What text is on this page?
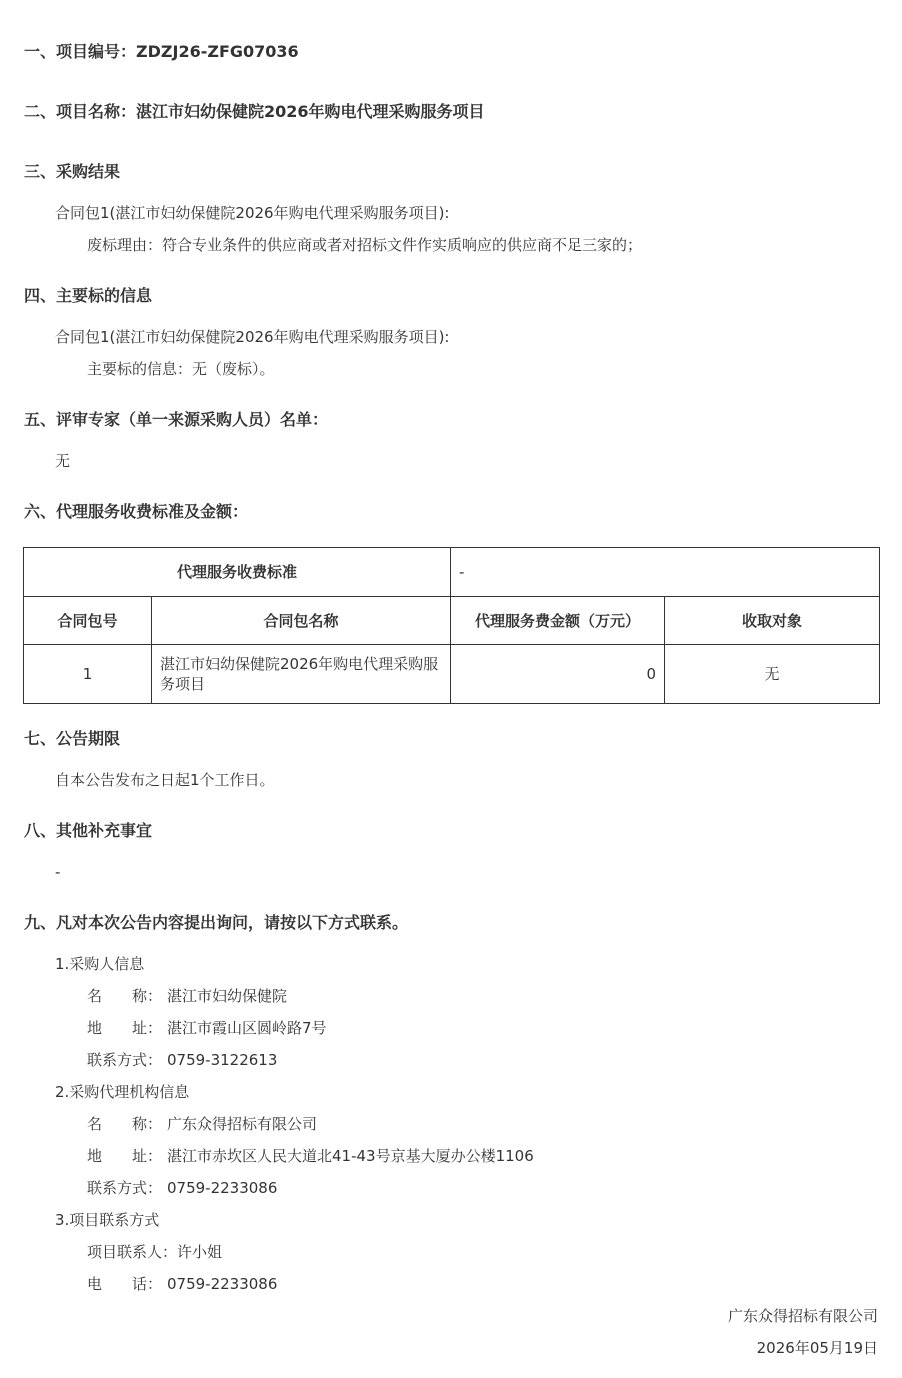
一、项目编号：ZDZJ26-ZFG07036
二、项目名称：湛江市妇幼保健院2026年购电代理采购服务项目
三、采购结果
合同包1(湛江市妇幼保健院2026年购电代理采购服务项目):
废标理由：符合专业条件的供应商或者对招标文件作实质响应的供应商不足三家的；
四、主要标的信息
合同包1(湛江市妇幼保健院2026年购电代理采购服务项目):
主要标的信息：无（废标）。
五、评审专家（单一来源采购人员）名单：
无
六、代理服务收费标准及金额：
代理服务收费标准		-	
合同包号	合同包名称	代理服务费金额（万元）	收取对象
1	湛江市妇幼保健院2026年购电代理采购服务项目	0	无
七、公告期限
自本公告发布之日起1个工作日。
八、其他补充事宜
-
九、凡对本次公告内容提出询问，请按以下方式联系。
1.采购人信息
名　　称： 湛江市妇幼保健院
地　　址： 湛江市霞山区圆岭路7号
联系方式： 0759-3122613
2.采购代理机构信息
名　　称： 广东众得招标有限公司
地　　址： 湛江市赤坎区人民大道北41-43号京基大厦办公楼1106
联系方式： 0759-2233086
3.项目联系方式
项目联系人：许小姐
电　　话： 0759-2233086
广东众得招标有限公司
2026年05月19日
